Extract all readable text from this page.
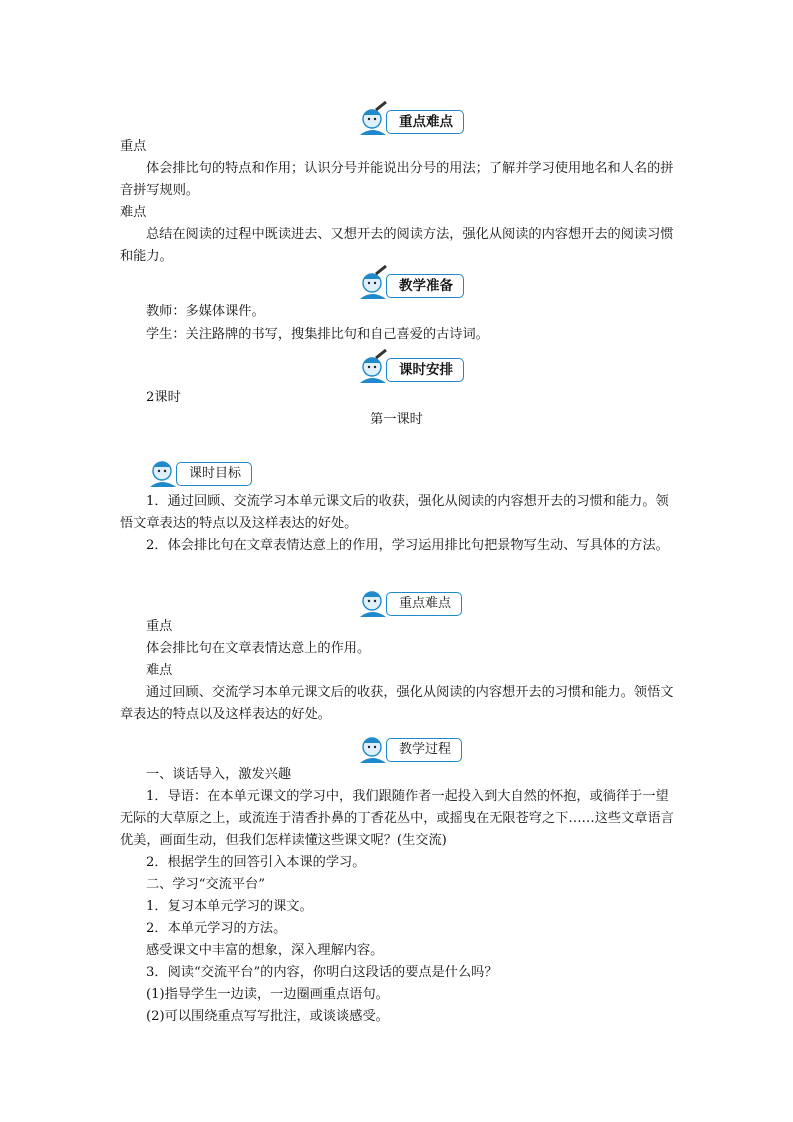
重点难点

重点

体会排比句的特点和作用；认识分号并能说出分号的用法；了解并学习使用地名和人名的拼音拼写规则。

难点

总结在阅读的过程中既读进去、又想开去的阅读方法，强化从阅读的内容想开去的阅读习惯和能力。

教学准备

教师：多媒体课件。

学生：关注路牌的书写，搜集排比句和自己喜爱的古诗词。

课时安排

2课时

第一课时

课时目标

1．通过回顾、交流学习本单元课文后的收获，强化从阅读的内容想开去的习惯和能力。领悟文章表达的特点以及这样表达的好处。

2．体会排比句在文章表情达意上的作用，学习运用排比句把景物写生动、写具体的方法。

重点难点

重点

体会排比句在文章表情达意上的作用。

难点

通过回顾、交流学习本单元课文后的收获，强化从阅读的内容想开去的习惯和能力。领悟文章表达的特点以及这样表达的好处。

教学过程

一、谈话导入，激发兴趣

1．导语：在本单元课文的学习中，我们跟随作者一起投入到大自然的怀抱，或徜徉于一望无际的大草原之上，或流连于清香扑鼻的丁香花丛中，或摇曳在无限苍穹之下……这些文章语言优美，画面生动，但我们怎样读懂这些课文呢？(生交流)

2．根据学生的回答引入本课的学习。

二、学习“交流平台”

1．复习本单元学习的课文。

2．本单元学习的方法。

感受课文中丰富的想象，深入理解内容。

3．阅读“交流平台”的内容，你明白这段话的要点是什么吗？

(1)指导学生一边读，一边圈画重点语句。

(2)可以围绕重点写写批注，或谈谈感受。
